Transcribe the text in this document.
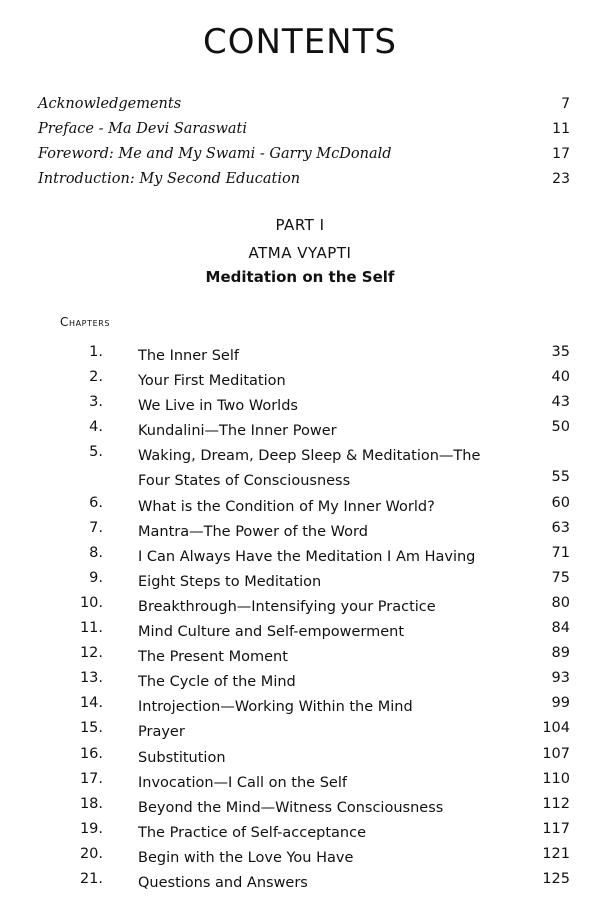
CONTENTS
Acknowledgements	7
Preface - Ma Devi Saraswati	11
Foreword: Me and My Swami - Garry McDonald	17
Introduction: My Second Education	23
PART I
ATMA VYAPTI
Meditation on the Self
Chapters
1. The Inner Self	35
2. Your First Meditation	40
3. We Live in Two Worlds	43
4. Kundalini—The Inner Power	50
5. Waking, Dream, Deep Sleep & Meditation—The
Four States of Consciousness	55
6. What is the Condition of My Inner World?	60
7. Mantra—The Power of the Word	63
8. I Can Always Have the Meditation I Am Having	71
9. Eight Steps to Meditation	75
10. Breakthrough—Intensifying your Practice	80
11. Mind Culture and Self-empowerment	84
12. The Present Moment	89
13. The Cycle of the Mind	93
14. Introjection—Working Within the Mind	99
15. Prayer	104
16. Substitution	107
17. Invocation—I Call on the Self	110
18. Beyond the Mind—Witness Consciousness	112
19. The Practice of Self-acceptance	117
20. Begin with the Love You Have	121
21. Questions and Answers	125
